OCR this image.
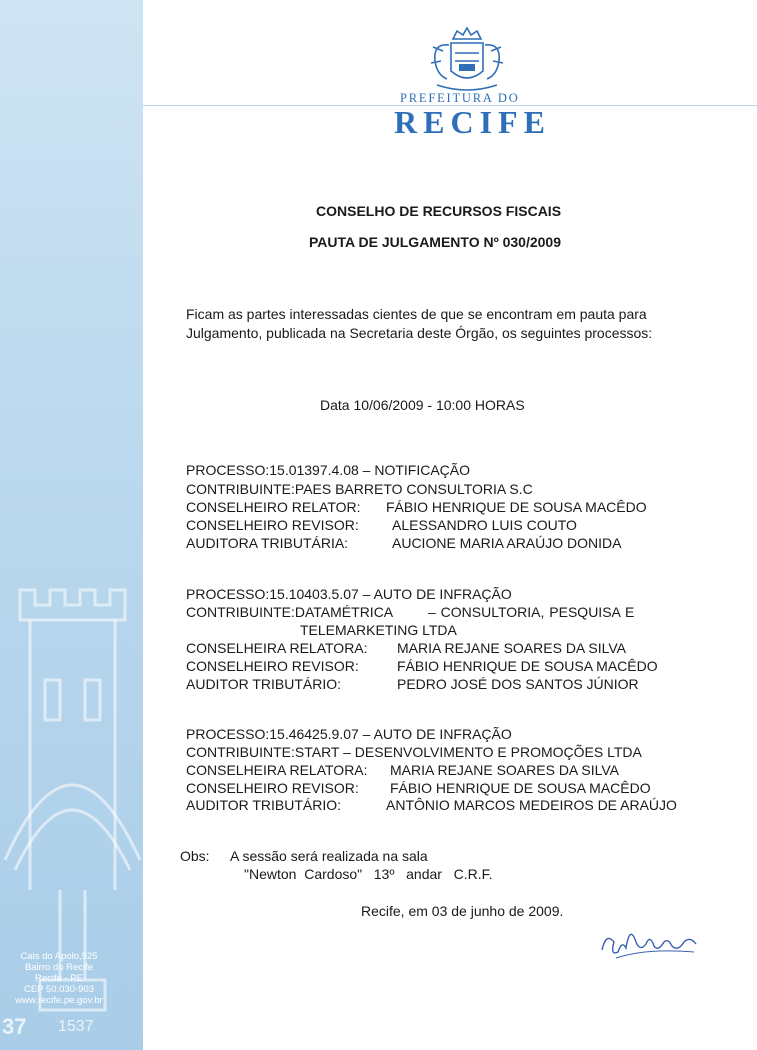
Cais do Apolo,925
Bairro do Recife
Recife - PE
CEP 50.030-903
www.recife.pe.gov.br
37 1537
PREFEITURA DO
RECIFE
CONSELHO DE RECURSOS FISCAIS
PAUTA DE JULGAMENTO Nº 030/2009
Ficam as partes interessadas cientes de que se encontram em pauta para
Julgamento, publicada na Secretaria deste Órgão, os seguintes processos:
Data 10/06/2009 - 10:00 HORAS
PROCESSO:15.01397.4.08 – NOTIFICAÇÃO
CONTRIBUINTE:PAES BARRETO CONSULTORIA S.C
CONSELHEIRO RELATOR: FÁBIO HENRIQUE DE SOUSA MACÊDO
CONSELHEIRO REVISOR: ALESSANDRO LUIS COUTO
AUDITORA TRIBUTÁRIA:	AUCIONE MARIA ARAÚJO DONIDA
PROCESSO:15.10403.5.07 – AUTO DE INFRAÇÃO
CONTRIBUINTE:DATAMÉTRICA – CONSULTORIA, PESQUISA E
TELEMARKETING LTDA
CONSELHEIRA RELATORA: MARIA REJANE SOARES DA SILVA
CONSELHEIRO REVISOR:	FÁBIO HENRIQUE DE SOUSA MACÊDO
AUDITOR TRIBUTÁRIO:	PEDRO JOSÉ DOS SANTOS JÚNIOR
PROCESSO:15.46425.9.07 – AUTO DE INFRAÇÃO
CONTRIBUINTE:START – DESENVOLVIMENTO E PROMOÇÕES LTDA
CONSELHEIRA RELATORA: MARIA REJANE SOARES DA SILVA
CONSELHEIRO REVISOR: FÁBIO HENRIQUE DE SOUSA MACÊDO
AUDITOR TRIBUTÁRIO:	ANTÔNIO MARCOS MEDEIROS DE ARAÚJO
Obs: A sessão será realizada na sala
"Newton  Cardoso"   13º   andar   C.R.F.
Recife, em 03 de junho de 2009.
